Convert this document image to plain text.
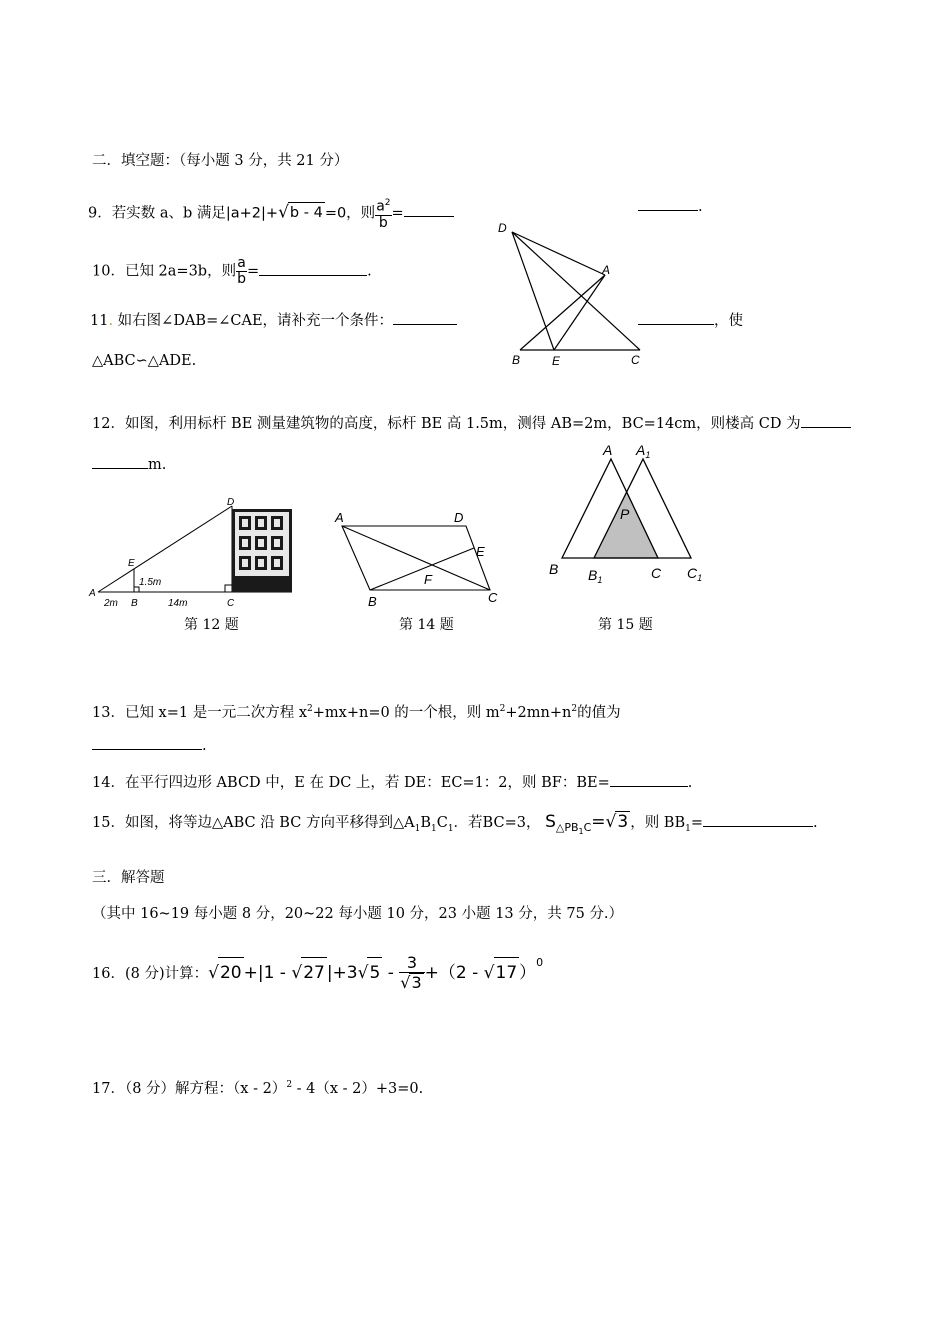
二．填空题：（每小题 3 分，共 21 分）
9．若实数 a、b 满足|a+2|+√b - 4 =0，则 $\frac{a^2}{b}$ =	.
10．已知 2a=3b，则 $\frac{a}{b}$ =	.
11. 如右图∠DAB=∠CAE，请补充一个条件：	，使
△ABC∽△ADE.
D
A
B	E	C
12．如图，利用标杆 BE 测量建筑物的高度，标杆 BE 高 1.5m，测得 AB=2m，BC=14cm，则楼高 CD 为
m.
D
E
A
B	C
1.5m
2m	14m
第 12 题
A	D
E
F
B	C
第 14 题
A $A_1$
P
B $B_1$	C $C_1$
第 15 题
13．已知 x=1 是一元二次方程 $x^2+mx+n=0$ 的一个根，则 $m^2+2mn+n^2$的值为
.
14．在平行四边形 ABCD 中，E 在 DC 上，若 DE：EC=1：2，则 BF：BE=	.
15．如图，将等边△ABC 沿 BC 方向平移得到$\triangle A_1B_1C_1$．若BC=3， $S_{\triangle PB_1C}=√3$ ，则 $BB_1=$	.
三．解答题
（其中 16~19 每小题 8 分，20~22 每小题 10 分，23 小题 13 分，共 75 分.）
16．(8 分)计算：√20 +|1 - √27 $|+3√5 - \frac{3}{√3} +(2 - √17$ ）$^0$
17．（8 分）解方程：（x - 2）$^2$ - 4（x - 2）+3=0.
